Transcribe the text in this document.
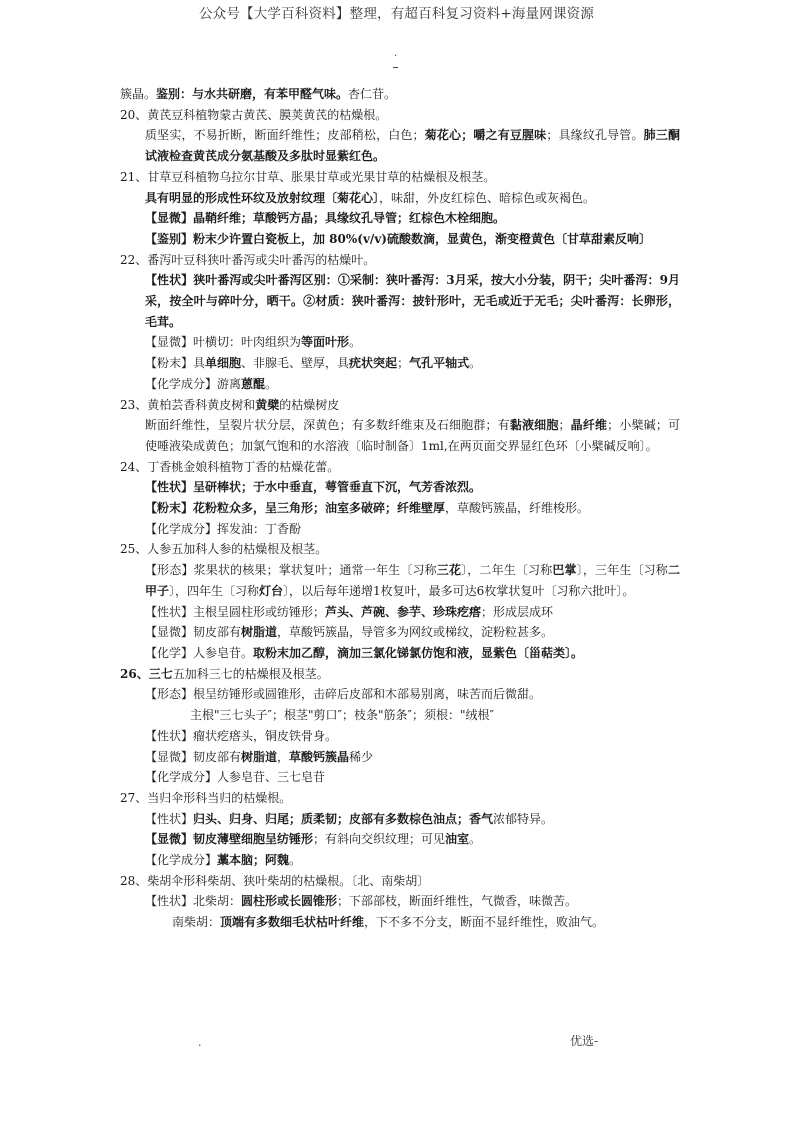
公众号【大学百科资料】整理，有超百科复习资料+海量网课资源
.
簇晶。鉴别：与水共研磨，有苯甲醛气味。杏仁苷。
20、黄芪豆科植物蒙古黄芪、膜荚黄芪的枯燥根。
质坚实，不易折断，断面纤维性；皮部稍松，白色；菊花心；嚼之有豆腥味；具缘纹孔导管。肺三酮试液检查黄芪成分氨基酸及多肽时显紫红色。
21、甘草豆科植物乌拉尔甘草、胀果甘草或光果甘草的枯燥根及根茎。
具有明显的形成性环纹及放射纹理〔菊花心〕，味甜，外皮红棕色、暗棕色或灰褐色。
【显微】晶鞘纤维；草酸钙方晶；具缘纹孔导管；红棕色木栓细胞。
【鉴别】粉末少许置白瓷板上，加 80%(v/v)硫酸数滴，显黄色，渐变橙黄色〔甘草甜素反响〕
22、番泻叶豆科狭叶番泻或尖叶番泻的枯燥叶。
【性状】狭叶番泻或尖叶番泻区别：①采制：狭叶番泻：3月采，按大小分装，阴干；尖叶番泻：9月采，按全叶与碎叶分，晒干。②材质：狭叶番泻：披针形叶，无毛或近于无毛；尖叶番泻：长卵形，毛茸。
【显微】叶横切：叶肉组织为等面叶形。
【粉末】具单细胞、非腺毛、壁厚，具疣状突起；气孔平轴式。
【化学成分】游离蒽醌。
23、黄柏芸香科黄皮树和黄檗的枯燥树皮
断面纤维性，呈裂片状分层，深黄色；有多数纤维束及石细胞群；有黏液细胞；晶纤维；小檗碱；可使唾液染成黄色；加氯气饱和的水溶液〔临时制备〕1ml,在两页面交界显红色环〔小檗碱反响〕。
24、丁香桃金娘科植物丁香的枯燥花蕾。
【性状】呈研棒状；于水中垂直，萼管垂直下沉，气芳香浓烈。
【粉末】花粉粒众多，呈三角形；油室多破碎；纤维壁厚，草酸钙簇晶，纤维梭形。
【化学成分】挥发油：丁香酚
25、人参五加科人参的枯燥根及根茎。
【形态】浆果状的核果；掌状复叶；通常一年生〔习称三花〕，二年生〔习称巴掌〕，三年生〔习称二甲子〕，四年生〔习称灯台〕，以后每年递增1枚复叶，最多可达6枚掌状复叶〔习称六批叶〕。
【性状】主根呈圆柱形或纺锤形；芦头、芦碗、参芋、珍珠疙瘩；形成层成环
【显微】韧皮部有树脂道，草酸钙簇晶，导管多为网纹或梯纹，淀粉粒甚多。
【化学】人参皂苷。取粉末加乙醇，滴加三氯化锑氯仿饱和液，显紫色〔甾萜类〕。
26、三七五加科三七的枯燥根及根茎。
【形态】根呈纺锤形或圆锥形，击碎后皮部和木部易别离，味苦而后微甜。
主根"三七头子″；根茎"剪口″；枝条"筋条″；须根："绒根″
【性状】瘤状疙瘩头，铜皮铁骨身。
【显微】韧皮部有树脂道，草酸钙簇晶稀少
【化学成分】人参皂苷、三七皂苷
27、当归伞形科当归的枯燥根。
【性状】归头、归身、归尾；质柔韧；皮部有多数棕色油点；香气浓郁特异。
【显微】韧皮薄壁细胞呈纺锤形；有斜向交织纹理；可见油室。
【化学成分】藁本脑；阿魏。
28、柴胡伞形科柴胡、狭叶柴胡的枯燥根。〔北、南柴胡〕
【性状】北柴胡：圆柱形或长圆锥形；下部部枝，断面纤维性，气微香，味微苦。
南柴胡：顶端有多数细毛状枯叶纤维，下不多不分支，断面不显纤维性，败油气。
.	优选-
